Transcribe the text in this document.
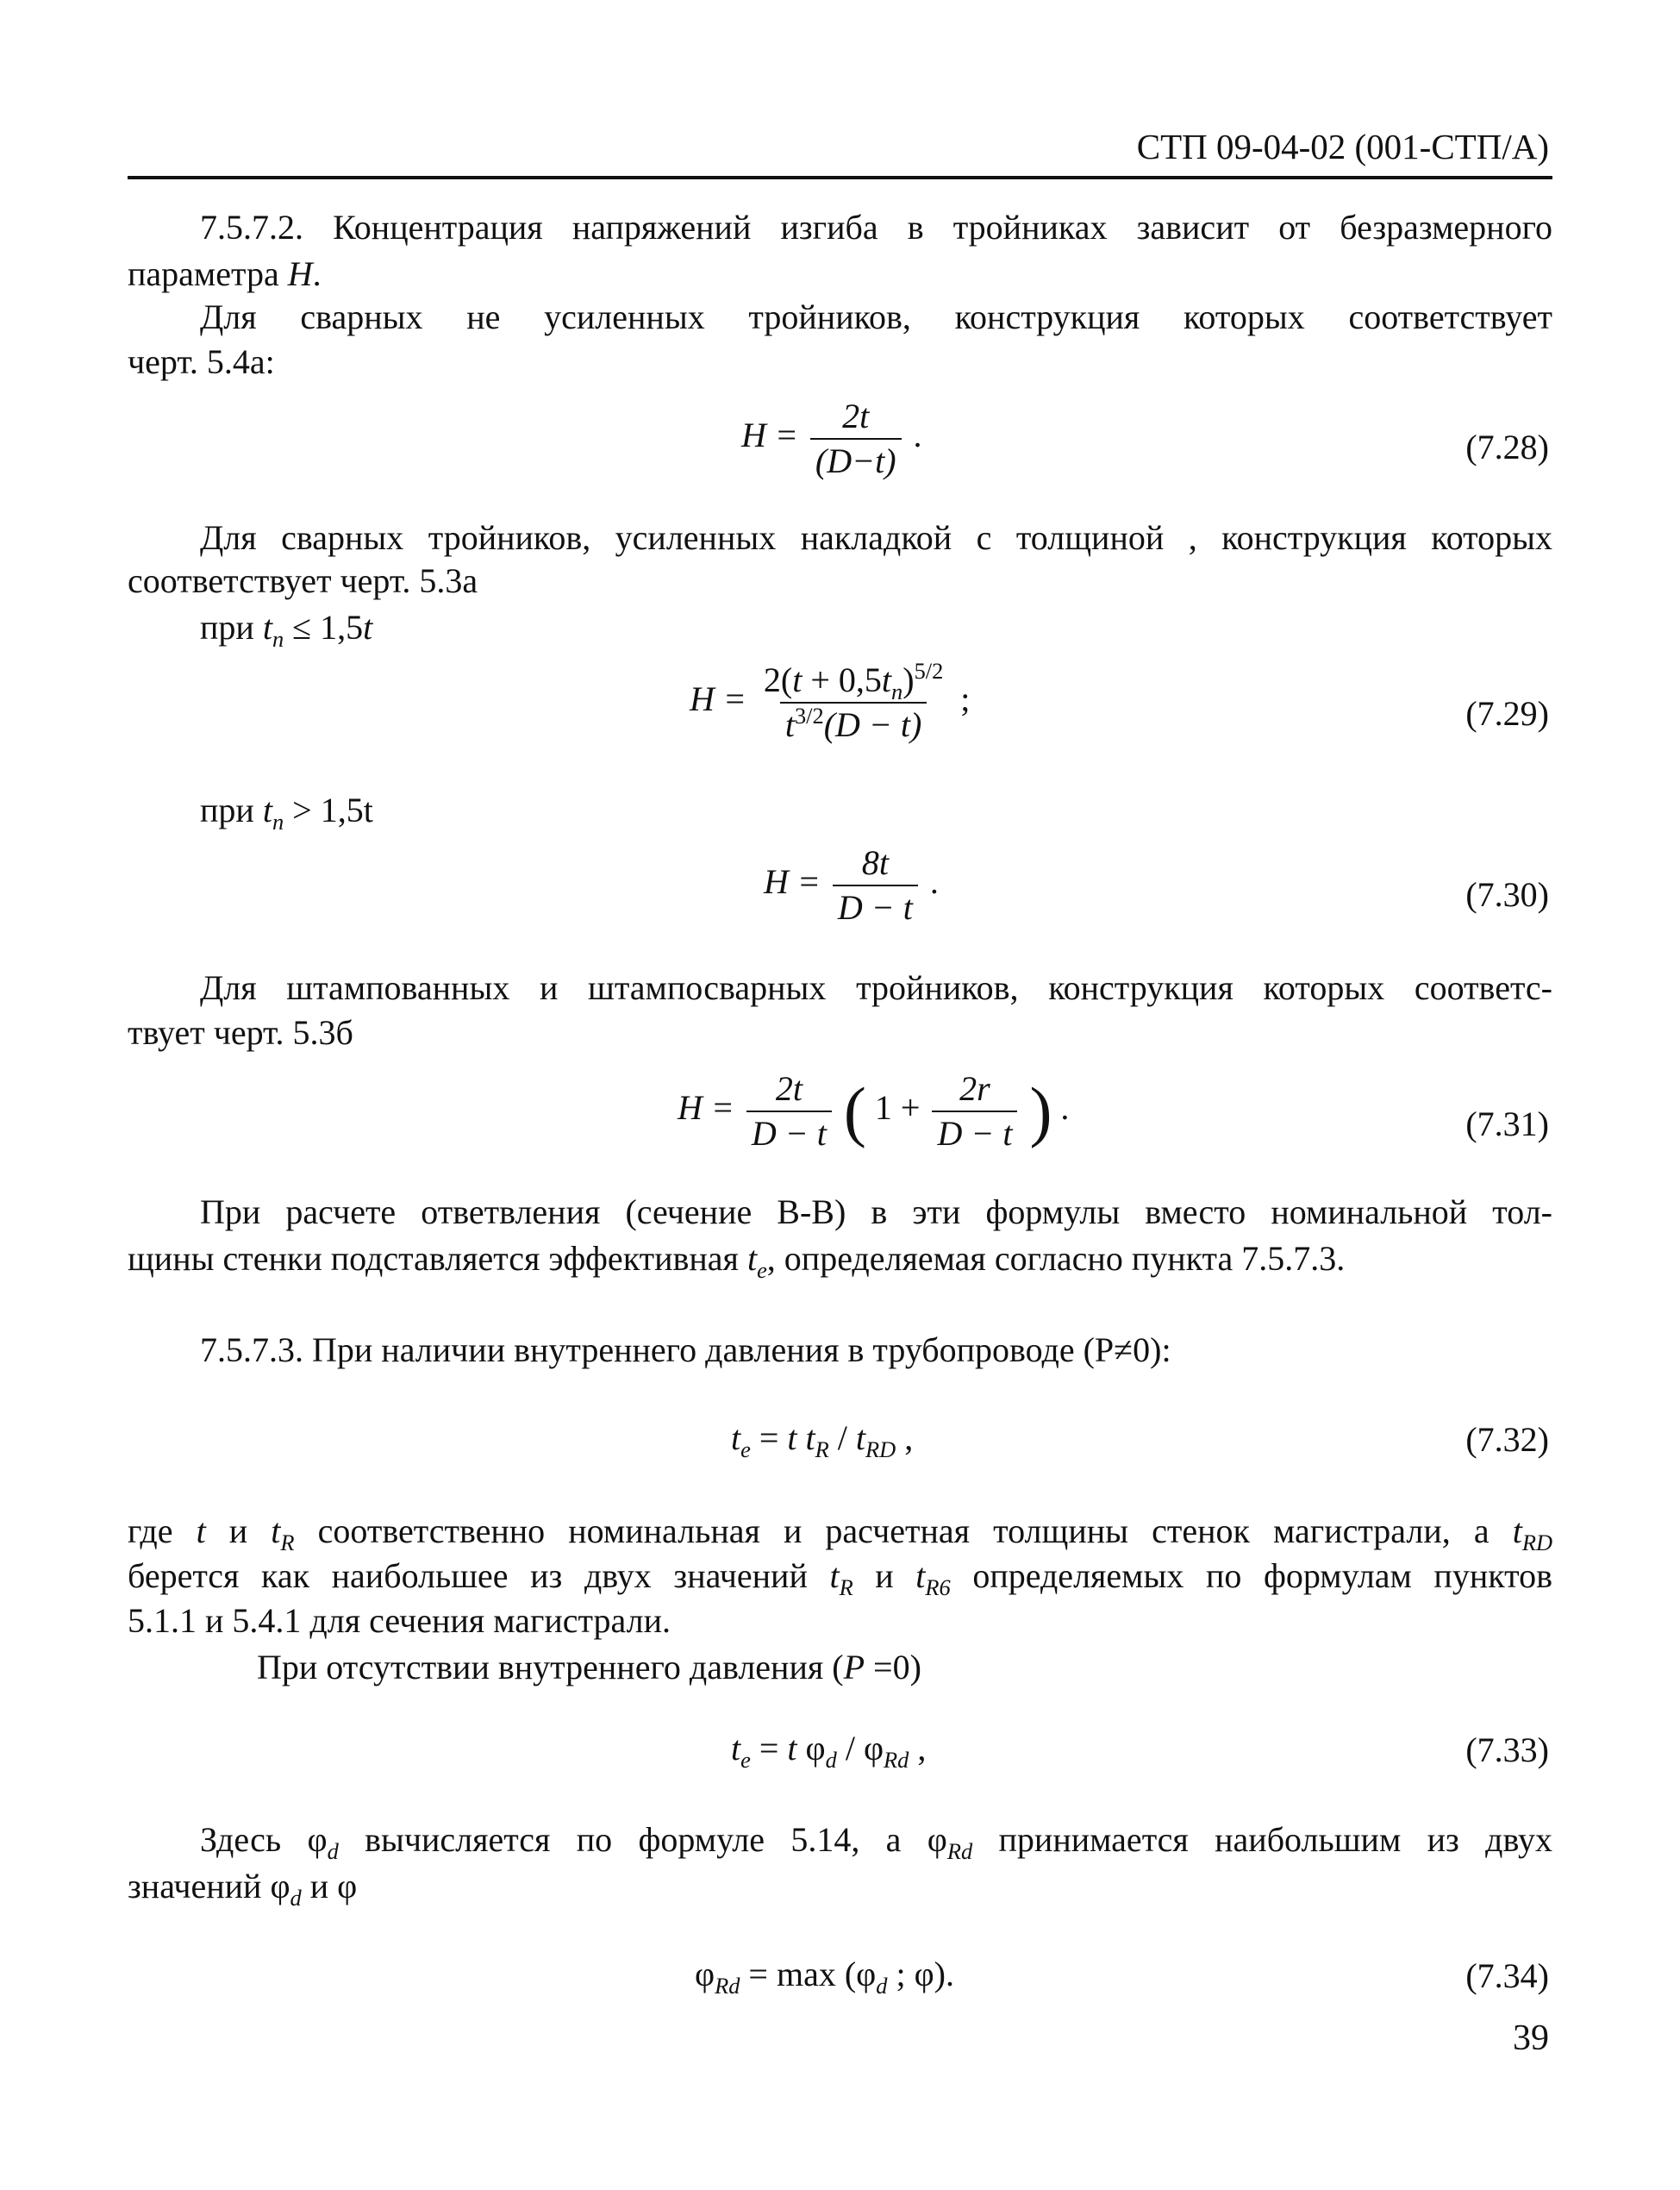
СТП 09-04-02 (001-СТП/А)
7.5.7.2. Концентрация напряжений изгиба в тройниках зависит от безразмерного
параметра H.
Для сварных не усиленных тройников, конструкция которых соответствует
черт. 5.4а:
$H = \frac{2t}{(D-t)}$ .	(7.28)
Для сварных тройников, усиленных накладкой с толщиной , конструкция которых
соответствует черт. 5.3а
при $t_n \le 1,5t$
$H = \frac{2(t + 0,5t_n)^{5/2}}{t^{3/2}(D - t)}$ ;	(7.29)
при $t_n > 1,5t$
$H = \frac{8t}{D - t}$ .	(7.30)
Для штампованных и штампосварных тройников, конструкция которых соответс-
твует черт. 5.3б
$H = \frac{2t}{D - t}$ ( $1 + \frac{2r}{D - t}$ ) .	(7.31)
При расчете ответвления (сечение В-В) в эти формулы вместо номинальной тол-
щины стенки подставляется эффективная $t_e$, определяемая согласно пункта 7.5.7.3.
7.5.7.3. При наличии внутреннего давления в трубопроводе (P≠0):
$t_e = t$ $t_R / t_{RD}$ ,	(7.32)
где t и $t_R$ соответственно номинальная и расчетная толщины стенок магистрали, а $t_{RD}$
берется как наибольшее из двух значений $t_R$ и $t_{R6}$ определяемых по формулам пунктов
5.1.1 и 5.4.1 для сечения магистрали.
При отсутствии внутреннего давления (P =0)
$t_e = t$ $\varphi_d / \varphi_{Rd}$ ,	(7.33)
Здесь $\varphi_d$ вычисляется по формуле 5.14, а $\varphi_{Rd}$ принимается наибольшим из двух
значений $\varphi_d$ и φ
$\varphi_{Rd} = \max (\varphi_d$ ; φ).	(7.34)
39
